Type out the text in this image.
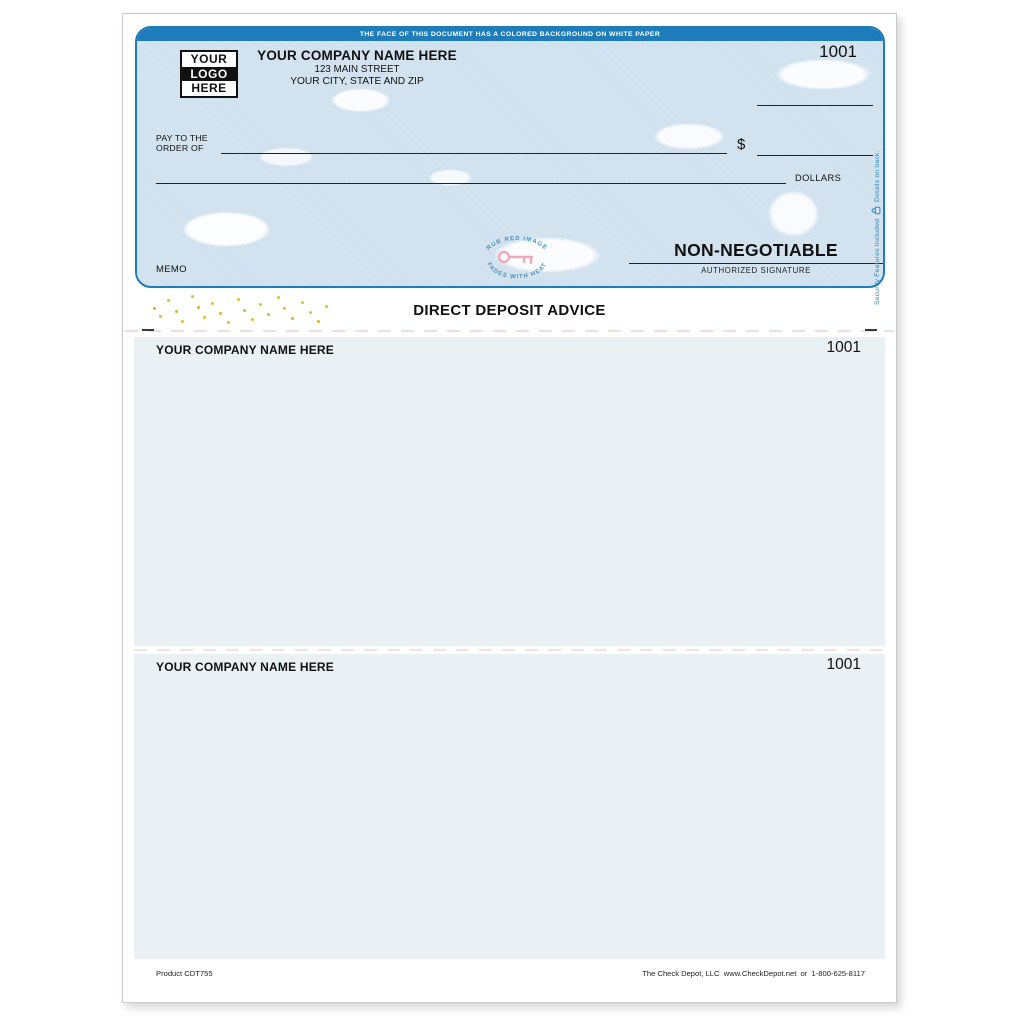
THE FACE OF THIS DOCUMENT HAS A COLORED BACKGROUND ON WHITE PAPER
YOUR
LOGO
HERE
YOUR COMPANY NAME HERE
123 MAIN STREET
YOUR CITY, STATE AND ZIP
1001
PAY TO THE
ORDER OF	$
DOLLARS
MEMO
NON-NEGOTIABLE
AUTHORIZED SIGNATURE
RUB RED IMAGE
FADES WITH HEAT	Security Features IncludedDetails on back.
DIRECT DEPOSIT ADVICE
YOUR COMPANY NAME HERE	1001
YOUR COMPANY NAME HERE	1001
Product CDT755	The Check Depot, LLC  www.CheckDepot.net  or  1-800-625-8117
